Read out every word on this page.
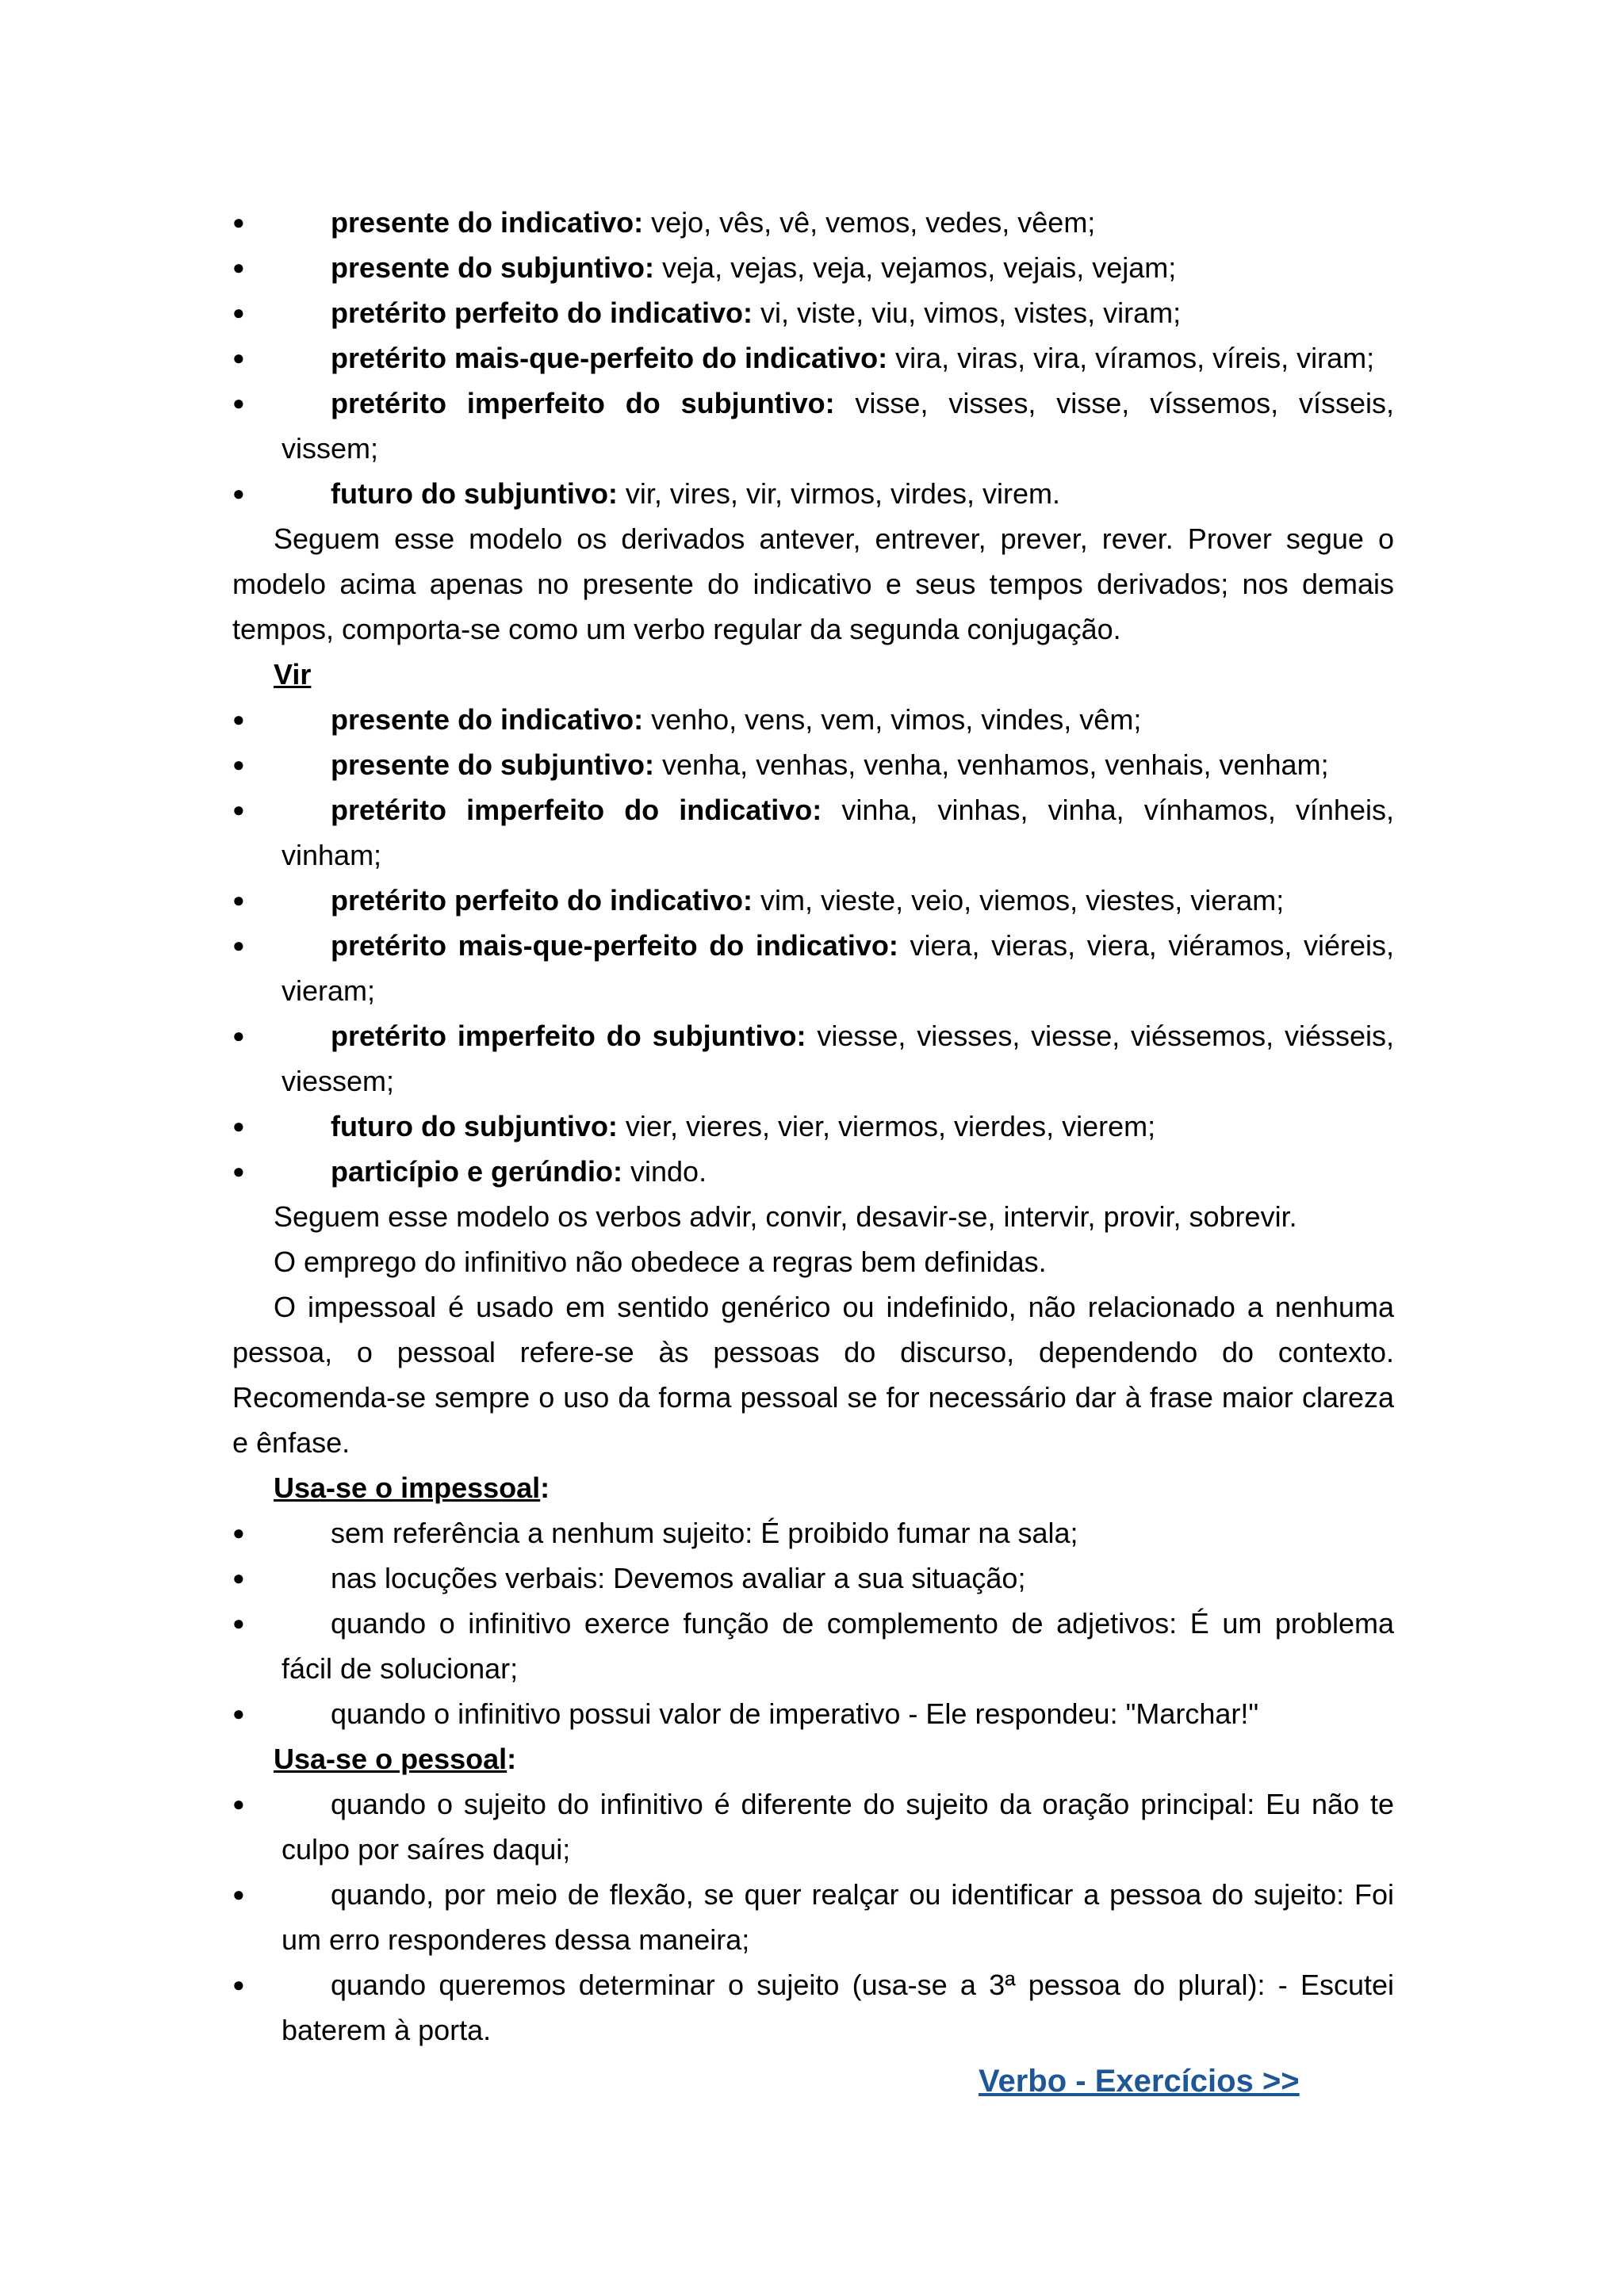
●	presente do indicativo: vejo, vês, vê, vemos, vedes, vêem;
●	presente do subjuntivo: veja, vejas, veja, vejamos, vejais, vejam;
●	pretérito perfeito do indicativo: vi, viste, viu, vimos, vistes, viram;
●	pretérito mais-que-perfeito do indicativo: vira, viras, vira, víramos, víreis, viram;
●	pretérito imperfeito do subjuntivo: visse, visses, visse, víssemos, vísseis, vissem;
●	futuro do subjuntivo: vir, vires, vir, virmos, virdes, virem.

Seguem esse modelo os derivados antever, entrever, prever, rever. Prover segue o modelo acima apenas no presente do indicativo e seus tempos derivados; nos demais tempos, comporta-se como um verbo regular da segunda conjugação.

Vir

●	presente do indicativo: venho, vens, vem, vimos, vindes, vêm;
●	presente do subjuntivo: venha, venhas, venha, venhamos, venhais, venham;
●	pretérito imperfeito do indicativo: vinha, vinhas, vinha, vínhamos, vínheis, vinham;
●	pretérito perfeito do indicativo: vim, vieste, veio, viemos, viestes, vieram;
●	pretérito mais-que-perfeito do indicativo: viera, vieras, viera, viéramos, viéreis, vieram;
●	pretérito imperfeito do subjuntivo: viesse, viesses, viesse, viéssemos, viésseis, viessem;
●	futuro do subjuntivo: vier, vieres, vier, viermos, vierdes, vierem;
●	particípio e gerúndio: vindo.

Seguem esse modelo os verbos advir, convir, desavir-se, intervir, provir, sobrevir.

O emprego do infinitivo não obedece a regras bem definidas.

O impessoal é usado em sentido genérico ou indefinido, não relacionado a nenhuma pessoa, o pessoal refere-se às pessoas do discurso, dependendo do contexto. Recomenda-se sempre o uso da forma pessoal se for necessário dar à frase maior clareza e ênfase.

Usa-se o impessoal:

●	sem referência a nenhum sujeito: É proibido fumar na sala;
●	nas locuções verbais: Devemos avaliar a sua situação;
●	quando o infinitivo exerce função de complemento de adjetivos: É um problema fácil de solucionar;
●	quando o infinitivo possui valor de imperativo - Ele respondeu: "Marchar!"

Usa-se o pessoal:

●	quando o sujeito do infinitivo é diferente do sujeito da oração principal: Eu não te culpo por saíres daqui;
●	quando, por meio de flexão, se quer realçar ou identificar a pessoa do sujeito: Foi um erro responderes dessa maneira;
●	quando queremos determinar o sujeito (usa-se a 3ª pessoa do plural): - Escutei baterem à porta.
Verbo - Exercícios >>
